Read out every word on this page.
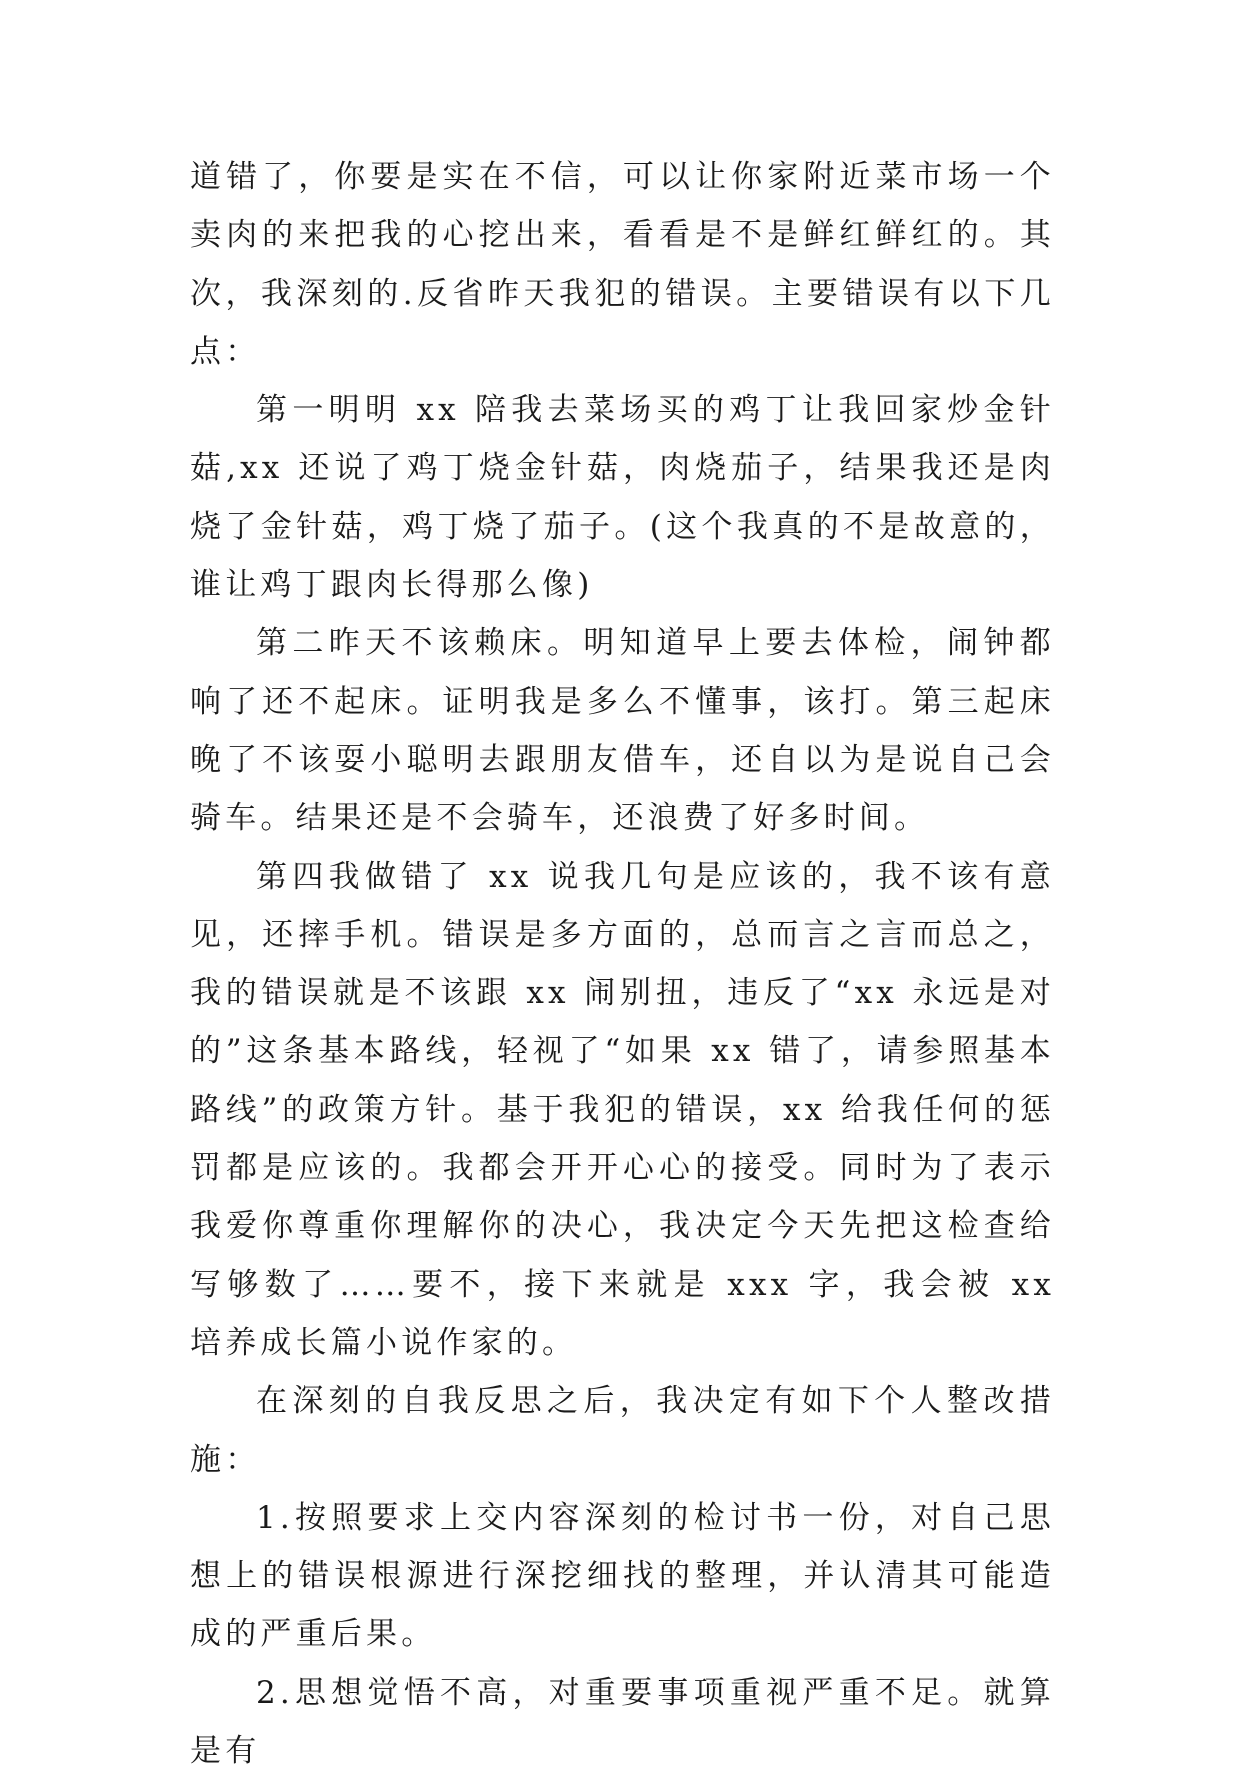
道错了，你要是实在不信，可以让你家附近菜市场一个卖肉的来把我的心挖出来，看看是不是鲜红鲜红的。其次，我深刻的.反省昨天我犯的错误。主要错误有以下几点：

第一明明 xx 陪我去菜场买的鸡丁让我回家炒金针菇,xx 还说了鸡丁烧金针菇，肉烧茄子，结果我还是肉烧了金针菇，鸡丁烧了茄子。(这个我真的不是故意的，谁让鸡丁跟肉长得那么像)

第二昨天不该赖床。明知道早上要去体检，闹钟都响了还不起床。证明我是多么不懂事，该打。第三起床晚了不该耍小聪明去跟朋友借车，还自以为是说自己会骑车。结果还是不会骑车，还浪费了好多时间。

第四我做错了 xx 说我几句是应该的，我不该有意见，还摔手机。错误是多方面的，总而言之言而总之，我的错误就是不该跟 xx 闹别扭，违反了“xx 永远是对的”这条基本路线，轻视了“如果 xx 错了，请参照基本路线”的政策方针。基于我犯的错误，xx 给我任何的惩罚都是应该的。我都会开开心心的接受。同时为了表示我爱你尊重你理解你的决心，我决定今天先把这检查给写够数了……要不，接下来就是 xxx 字，我会被 xx 培养成长篇小说作家的。

在深刻的自我反思之后，我决定有如下个人整改措施：

1.按照要求上交内容深刻的检讨书一份，对自己思想上的错误根源进行深挖细找的整理，并认清其可能造成的严重后果。

2.思想觉悟不高，对重要事项重视严重不足。就算是有
